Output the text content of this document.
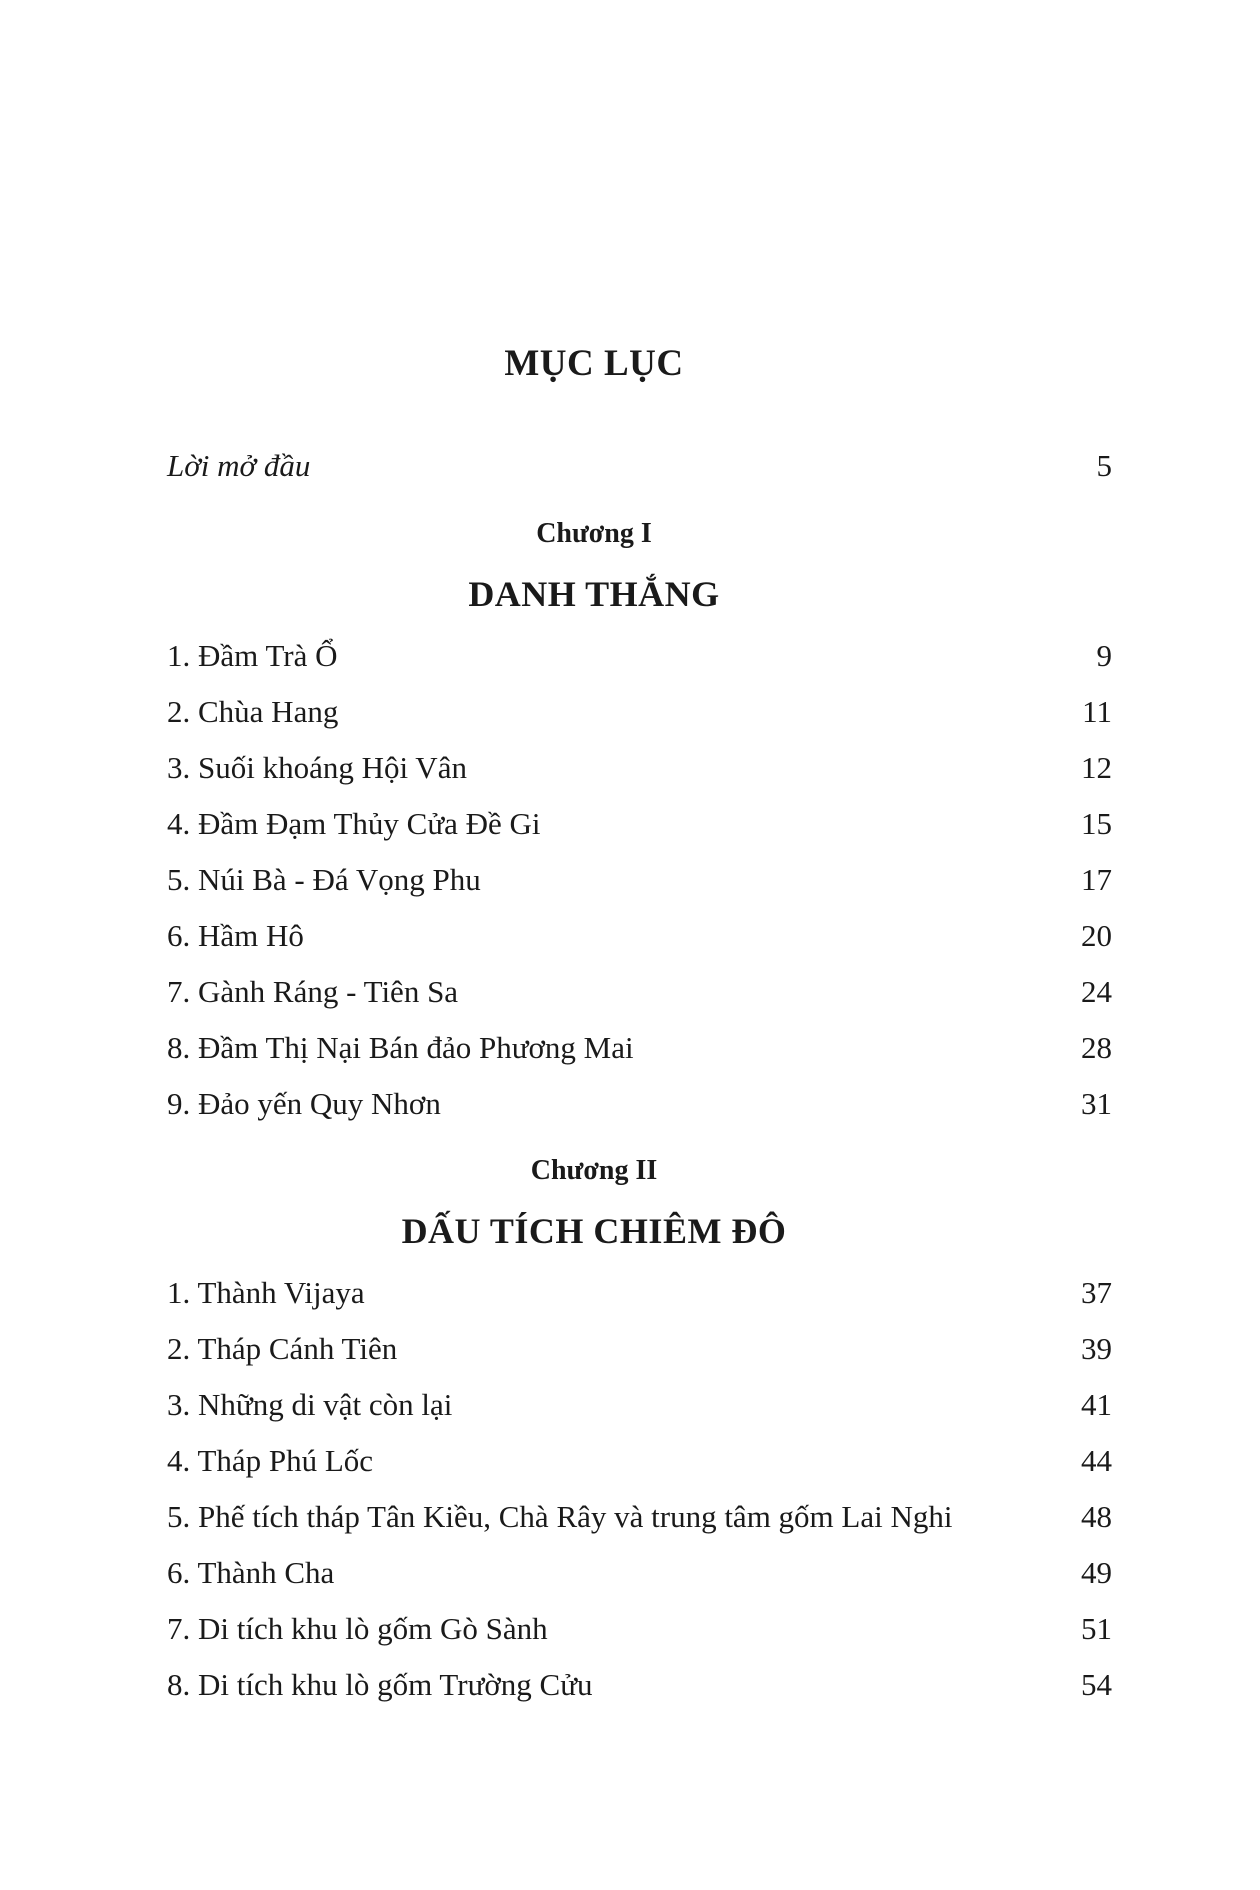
MỤC LỤC
Lời mở đầu	5
Chương I
DANH THẮNG
1. Đầm Trà Ổ	9
2. Chùa Hang	11
3. Suối khoáng Hội Vân	12
4. Đầm Đạm Thủy Cửa Đề Gi	15
5. Núi Bà - Đá Vọng Phu	17
6. Hầm Hô	20
7. Gành Ráng - Tiên Sa	24
8. Đầm Thị Nại Bán đảo Phương Mai	28
9. Đảo yến Quy Nhơn	31
Chương II
DẤU TÍCH CHIÊM ĐÔ
1. Thành Vijaya	37
2. Tháp Cánh Tiên	39
3. Những di vật còn lại	41
4. Tháp Phú Lốc	44
5. Phế tích tháp Tân Kiều, Chà Rây và trung tâm gốm Lai Nghi	48
6. Thành Cha	49
7. Di tích khu lò gốm Gò Sành	51
8. Di tích khu lò gốm Trường Cửu	54
